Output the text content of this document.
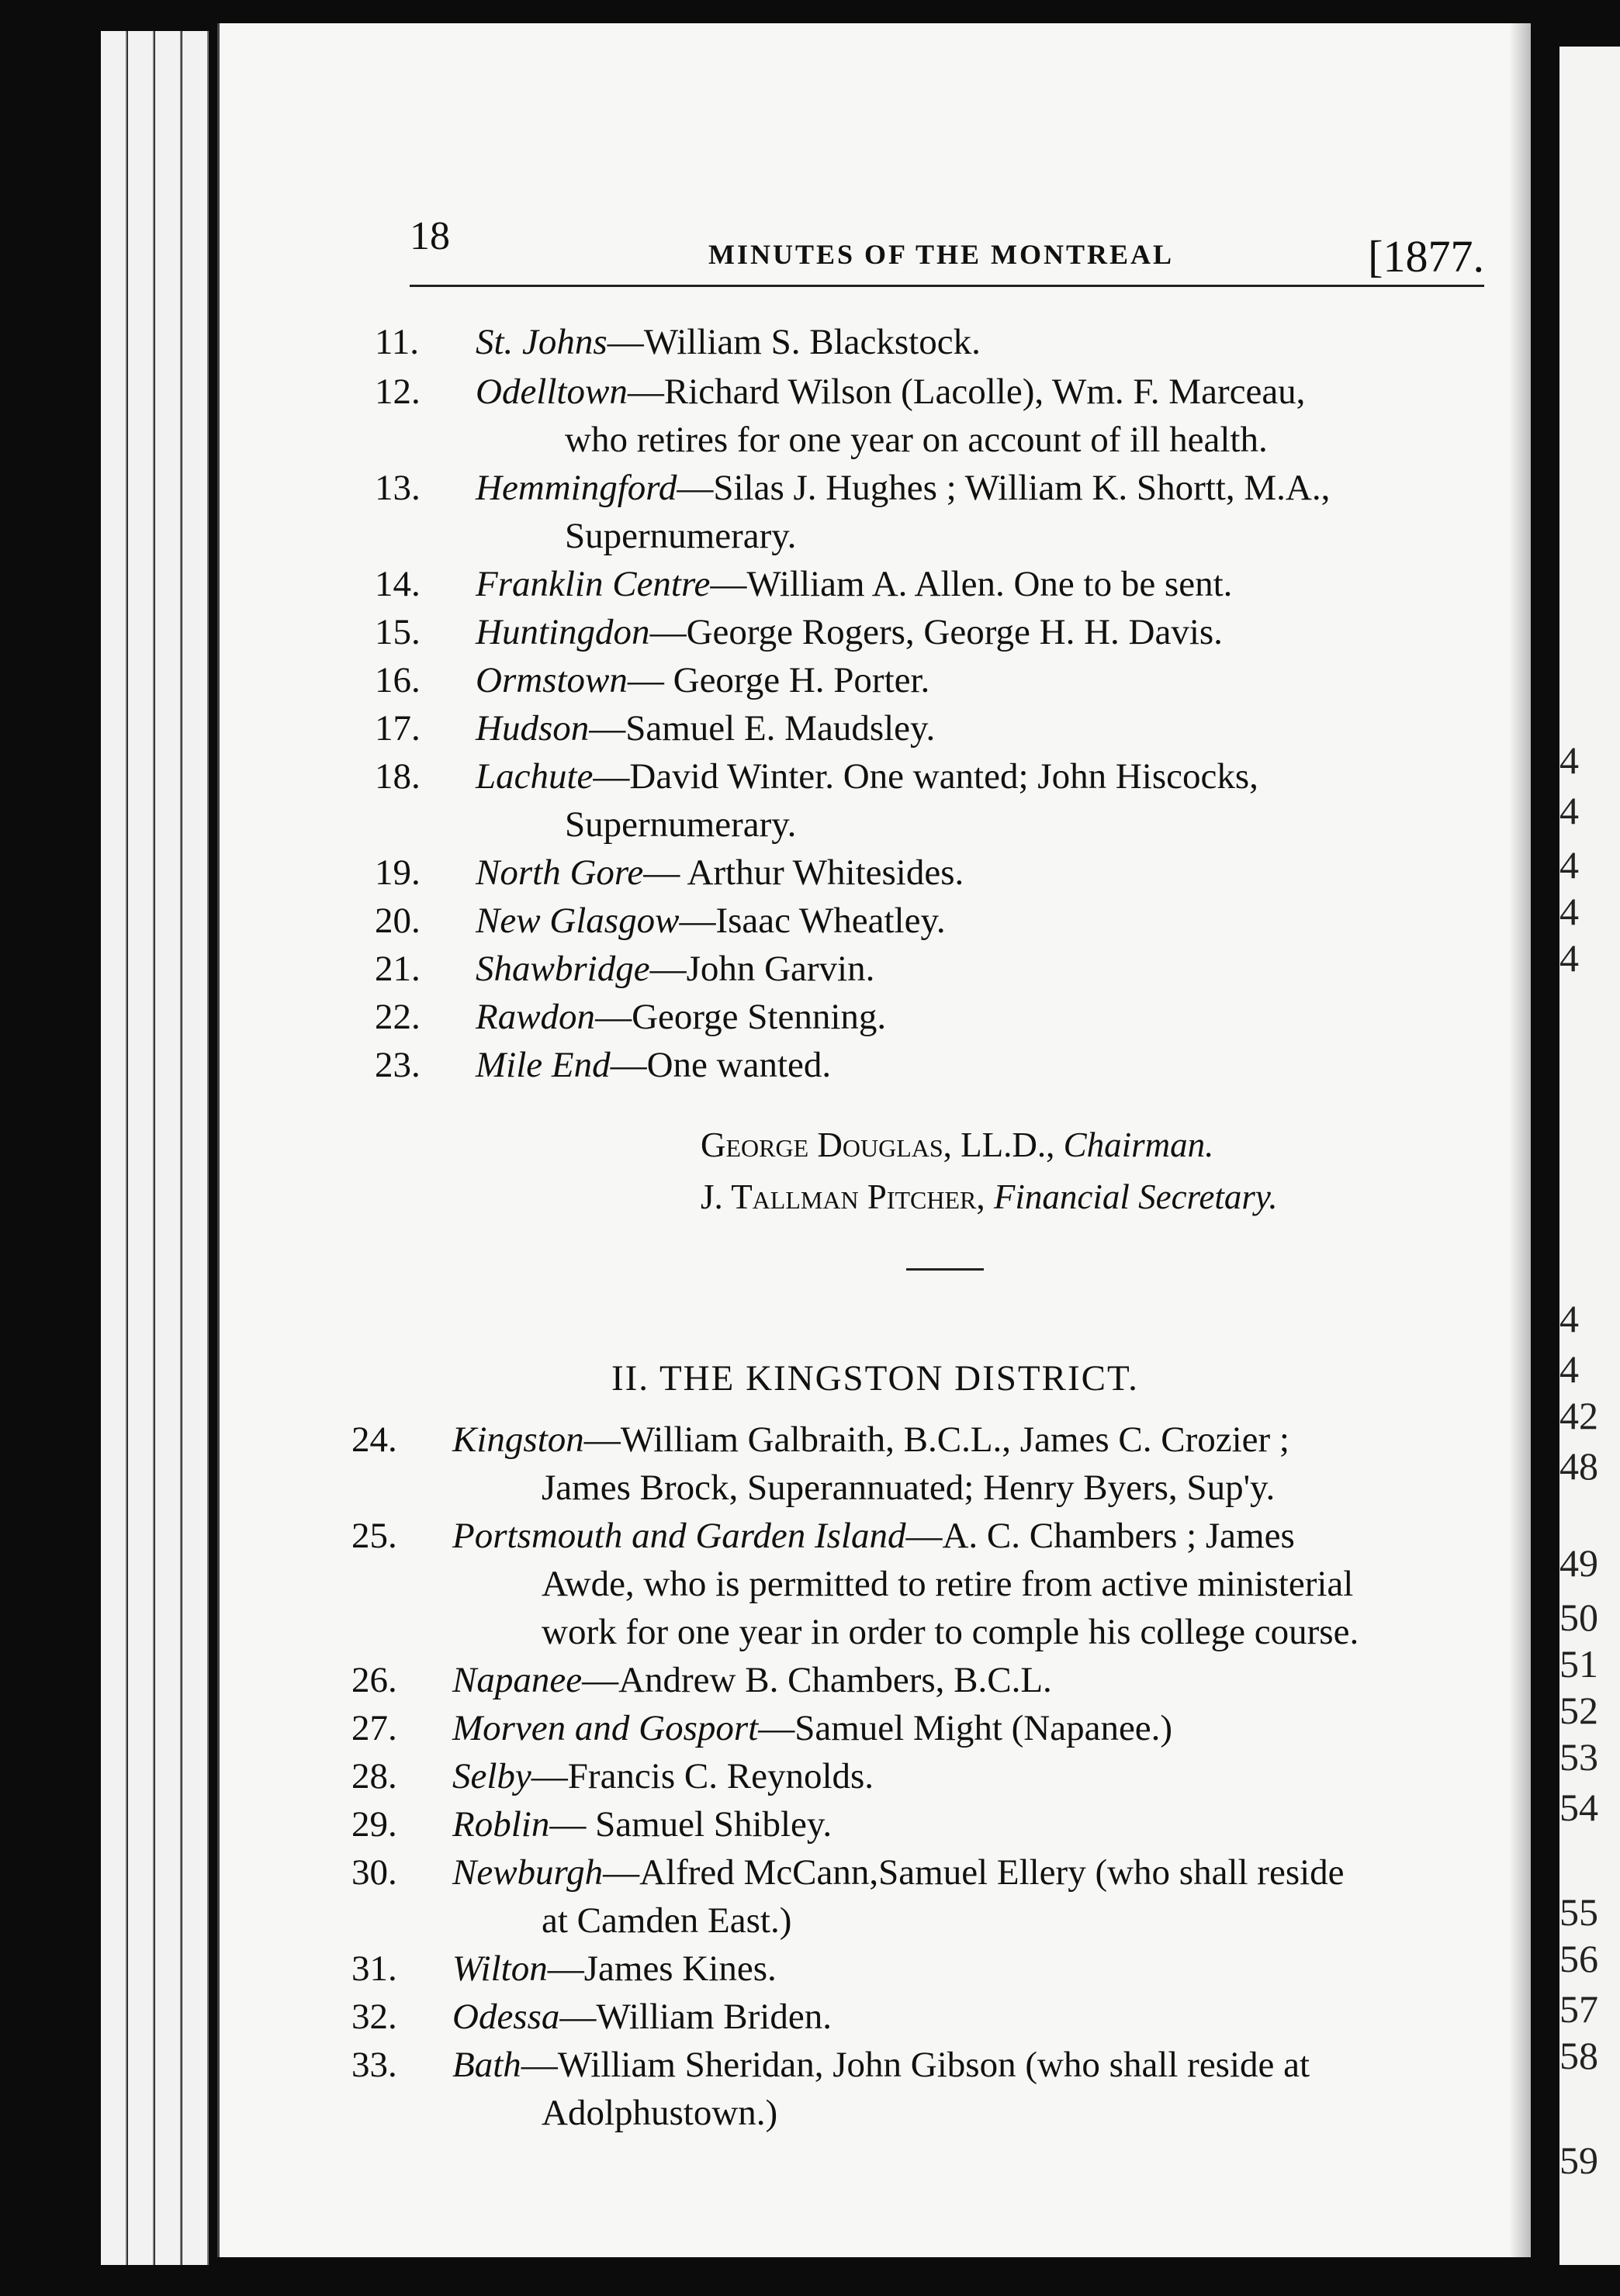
18	MINUTES OF THE MONTREAL	[1877.
11.	St. Johns—William S. Blackstock.
12.	Odelltown—Richard Wilson (Lacolle), Wm. F. Marceau,
who retires for one year on account of ill health.
13.	Hemmingford—Silas J. Hughes ; William K. Shortt, M.A.,
Supernumerary.
14.	Franklin Centre—William A. Allen. One to be sent.
15.	Huntingdon—George Rogers, George H. H. Davis.
16.	Ormstown— George H. Porter.
17.	Hudson—Samuel E. Maudsley.
18.	Lachute—David Winter. One wanted; John Hiscocks,
Supernumerary.
19.	North Gore— Arthur Whitesides.
20.	New Glasgow—Isaac Wheatley.
21.	Shawbridge—John Garvin.
22.	Rawdon—George Stenning.
23.	Mile End—One wanted.
George Douglas, LL.D., Chairman.
J. Tallman Pitcher, Financial Secretary.
II. THE KINGSTON DISTRICT.
24.	Kingston—William Galbraith, B.C.L., James C. Crozier ;
James Brock, Superannuated; Henry Byers, Sup'y.
25.	Portsmouth and Garden Island—A. C. Chambers ; James
Awde, who is permitted to retire from active ministerial
work for one year in order to comple his college course.
26.	Napanee—Andrew B. Chambers, B.C.L.
27.	Morven and Gosport—Samuel Might (Napanee.)
28.	Selby—Francis C. Reynolds.
29.	Roblin— Samuel Shibley.
30.	Newburgh—Alfred McCann,Samuel Ellery (who shall reside
at Camden East.)
31.	Wilton—James Kines.
32.	Odessa—William Briden.
33.	Bath—William Sheridan, John Gibson (who shall reside at
Adolphustown.)
4
4
4
4
4
4
4
42
48
49
50
51
52
53
54
55
56
57
58
59
